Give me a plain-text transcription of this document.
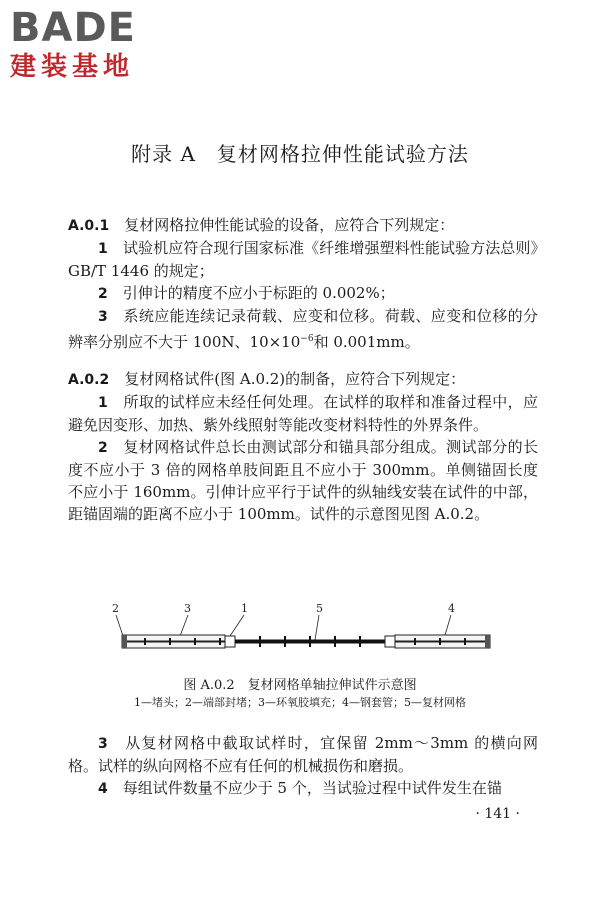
BADE
建装基地
附录 A　复材网格拉伸性能试验方法
A.0.1　 复材网格拉伸性能试验的设备，应符合下列规定：
1　 试验机应符合现行国家标准《纤维增强塑料性能试验方法总则》GB/T 1446 的规定；
2　 引伸计的精度不应小于标距的 0.002%；
3　 系统应能连续记录荷载、应变和位移。荷载、应变和位移的分辨率分别应不大于 100N、$10\times 10^{-6}$和 0.001mm。
A.0.2　 复材网格试件(图 A.0.2)的制备，应符合下列规定：
1　 所取的试样应未经任何处理。在试样的取样和准备过程中，应避免因变形、加热、紫外线照射等能改变材料特性的外界条件。
2　 复材网格试件总长由测试部分和锚具部分组成。测试部分的长度不应小于 3 倍的网格单肢间距且不应小于 300mm。单侧锚固长度不应小于 160mm。引伸计应平行于试件的纵轴线安装在试件的中部，距锚固端的距离不应小于 100mm。试件的示意图见图 A.0.2。
2	3	1	5	4
图 A.0.2　复材网格单轴拉伸试件示意图
1—堵头；2—端部封堵；3—环氧胶填充；4—钢套管；5—复材网格
3　 从复材网格中截取试样时，宜保留 2mm～3mm 的横向网格。试样的纵向网格不应有任何的机械损伤和磨损。
4　 每组试件数量不应少于 5 个，当试验过程中试件发生在锚
· 141 ·
